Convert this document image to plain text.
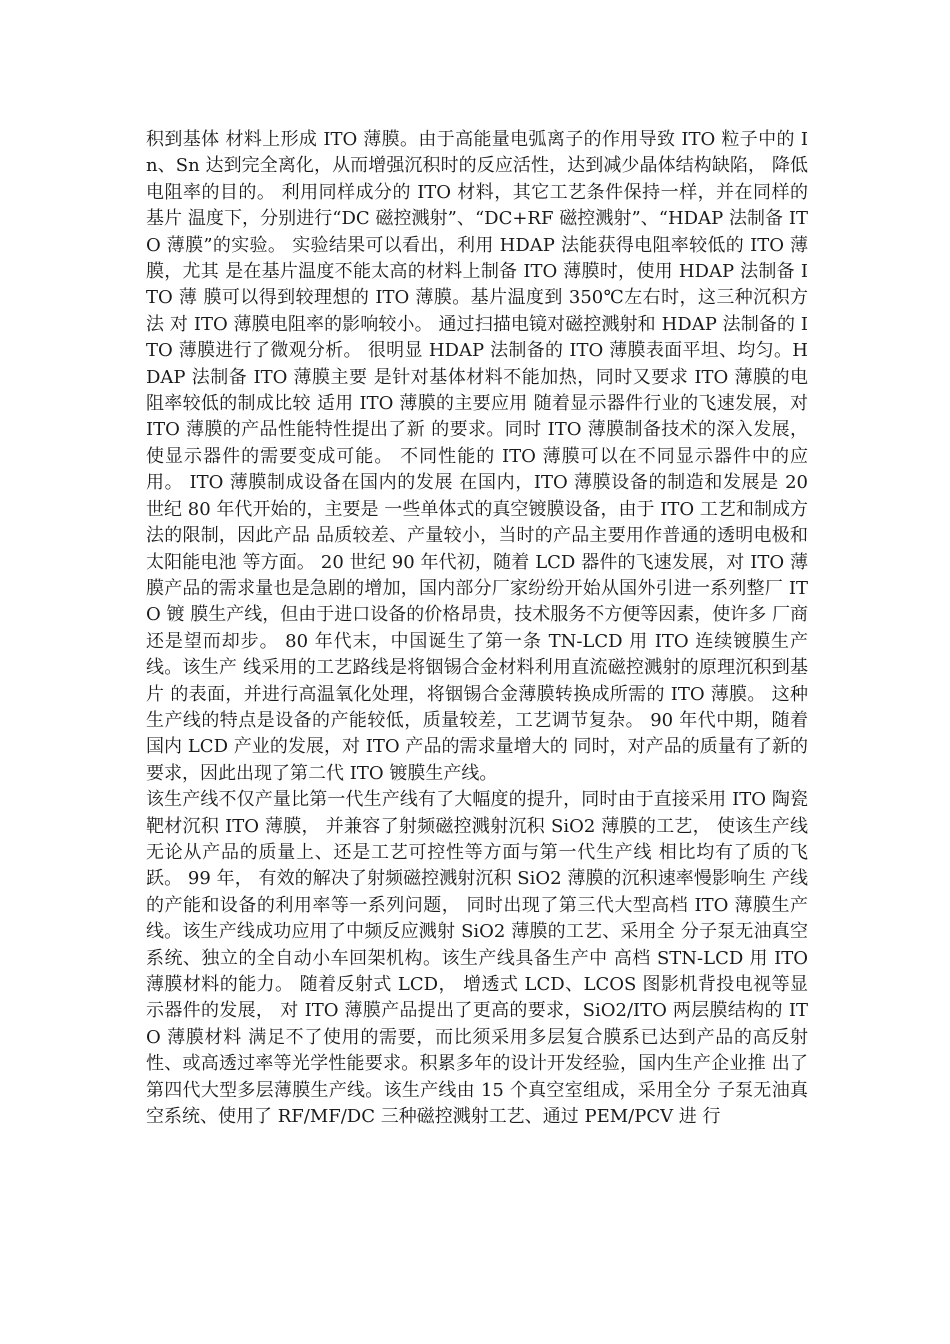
积到基体 材料上形成 ITO 薄膜。由于高能量电弧离子的作用导致 ITO 粒子中的 In、Sn 达到完全离化，从而增强沉积时的反应活性，达到减少晶体结构缺陷， 降低电阻率的目的。 利用同样成分的 ITO 材料，其它工艺条件保持一样，并在同样的基片 温度下，分别进行“DC 磁控溅射”、“DC+RF 磁控溅射”、“HDAP 法制备 ITO 薄膜”的实验。 实验结果可以看出，利用 HDAP 法能获得电阻率较低的 ITO 薄膜，尤其 是在基片温度不能太高的材料上制备 ITO 薄膜时，使用 HDAP 法制备 ITO 薄 膜可以得到较理想的 ITO 薄膜。基片温度到 350℃左右时，这三种沉积方法 对 ITO 薄膜电阻率的影响较小。 通过扫描电镜对磁控溅射和 HDAP 法制备的 ITO 薄膜进行了微观分析。 很明显 HDAP 法制备的 ITO 薄膜表面平坦、均匀。HDAP 法制备 ITO 薄膜主要 是针对基体材料不能加热，同时又要求 ITO 薄膜的电阻率较低的制成比较 适用 ITO 薄膜的主要应用 随着显示器件行业的飞速发展，对 ITO 薄膜的产品性能特性提出了新 的要求。同时 ITO 薄膜制备技术的深入发展，使显示器件的需要变成可能。 不同性能的 ITO 薄膜可以在不同显示器件中的应用。 ITO 薄膜制成设备在国内的发展 在国内，ITO 薄膜设备的制造和发展是 20 世纪 80 年代开始的，主要是 一些单体式的真空镀膜设备，由于 ITO 工艺和制成方法的限制，因此产品 品质较差、产量较小，当时的产品主要用作普通的透明电极和太阳能电池 等方面。 20 世纪 90 年代初，随着 LCD 器件的飞速发展，对 ITO 薄膜产品的需求量也是急剧的增加，国内部分厂家纷纷开始从国外引进一系列整厂 ITO 镀 膜生产线，但由于进口设备的价格昂贵，技术服务不方便等因素，使许多 厂商还是望而却步。 80 年代末，中国诞生了第一条 TN-LCD 用 ITO 连续镀膜生产线。该生产 线采用的工艺路线是将铟锡合金材料利用直流磁控溅射的原理沉积到基片 的表面，并进行高温氧化处理，将铟锡合金薄膜转换成所需的 ITO 薄膜。 这种生产线的特点是设备的产能较低，质量较差，工艺调节复杂。 90 年代中期，随着国内 LCD 产业的发展，对 ITO 产品的需求量增大的 同时，对产品的质量有了新的要求，因此出现了第二代 ITO 镀膜生产线。

该生产线不仅产量比第一代生产线有了大幅度的提升，同时由于直接采用 ITO 陶瓷靶材沉积 ITO 薄膜， 并兼容了射频磁控溅射沉积 SiO2 薄膜的工艺， 使该生产线无论从产品的质量上、还是工艺可控性等方面与第一代生产线 相比均有了质的飞跃。 99 年， 有效的解决了射频磁控溅射沉积 SiO2 薄膜的沉积速率慢影响生 产线的产能和设备的利用率等一系列问题， 同时出现了第三代大型高档 ITO 薄膜生产线。该生产线成功应用了中频反应溅射 SiO2 薄膜的工艺、采用全 分子泵无油真空系统、独立的全自动小车回架机构。该生产线具备生产中 高档 STN-LCD 用 ITO 薄膜材料的能力。 随着反射式 LCD， 增透式 LCD、LCOS 图影机背投电视等显示器件的发展， 对 ITO 薄膜产品提出了更高的要求，SiO2/ITO 两层膜结构的 ITO 薄膜材料 满足不了使用的需要，而比须采用多层复合膜系已达到产品的高反射性、或高透过率等光学性能要求。积累多年的设计开发经验，国内生产企业推 出了第四代大型多层薄膜生产线。该生产线由 15 个真空室组成，采用全分 子泵无油真空系统、使用了 RF/MF/DC 三种磁控溅射工艺、通过 PEM/PCV 进 行
